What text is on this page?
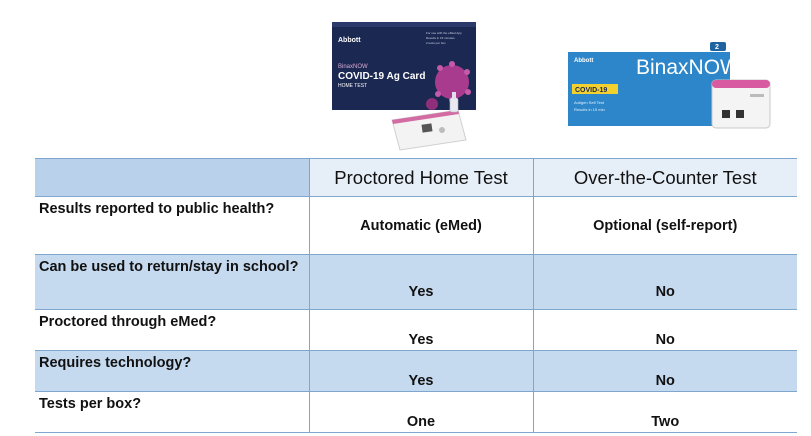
Abbott
BinaxNOW
COVID-19 Ag Card
HOME TEST
For use with the eMed App
Results in 15 minutes
2 tests per box
Abbott BinaxNOW
2
COVID-19
Antigen Self Test
Results in 15 min
	Proctored Home Test	Over-the-Counter Test
Results reported to public health?	Automatic (eMed)	Optional (self-report)
Can be used to return/stay in school?	Yes	No
Proctored through eMed?	Yes	No
Requires technology?	Yes	No
Tests per box?	One	Two
